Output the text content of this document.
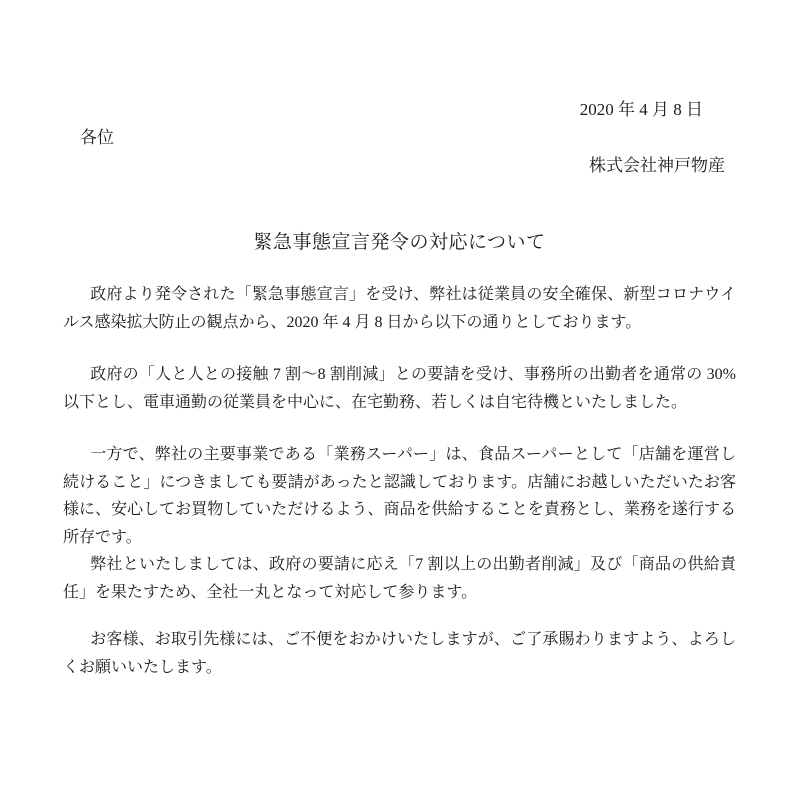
2020 年 4 月 8 日
各位
株式会社神戸物産
緊急事態宣言発令の対応について

政府より発令された「緊急事態宣言」を受け、弊社は従業員の安全確保、新型コロナウイルス感染拡大防止の観点から、2020 年 4 月 8 日から以下の通りとしております。

政府の「人と人との接触 7 割～8 割削減」との要請を受け、事務所の出勤者を通常の 30%以下とし、電車通勤の従業員を中心に、在宅勤務、若しくは自宅待機といたしました。

一方で、弊社の主要事業である「業務スーパー」は、食品スーパーとして「店舗を運営し続けること」につきましても要請があったと認識しております。店舗にお越しいただいたお客様に、安心してお買物していただけるよう、商品を供給することを責務とし、業務を遂行する所存です。

弊社といたしましては、政府の要請に応え「7 割以上の出勤者削減」及び「商品の供給責任」を果たすため、全社一丸となって対応して参ります。

お客様、お取引先様には、ご不便をおかけいたしますが、ご了承賜わりますよう、よろしくお願いいたします。
